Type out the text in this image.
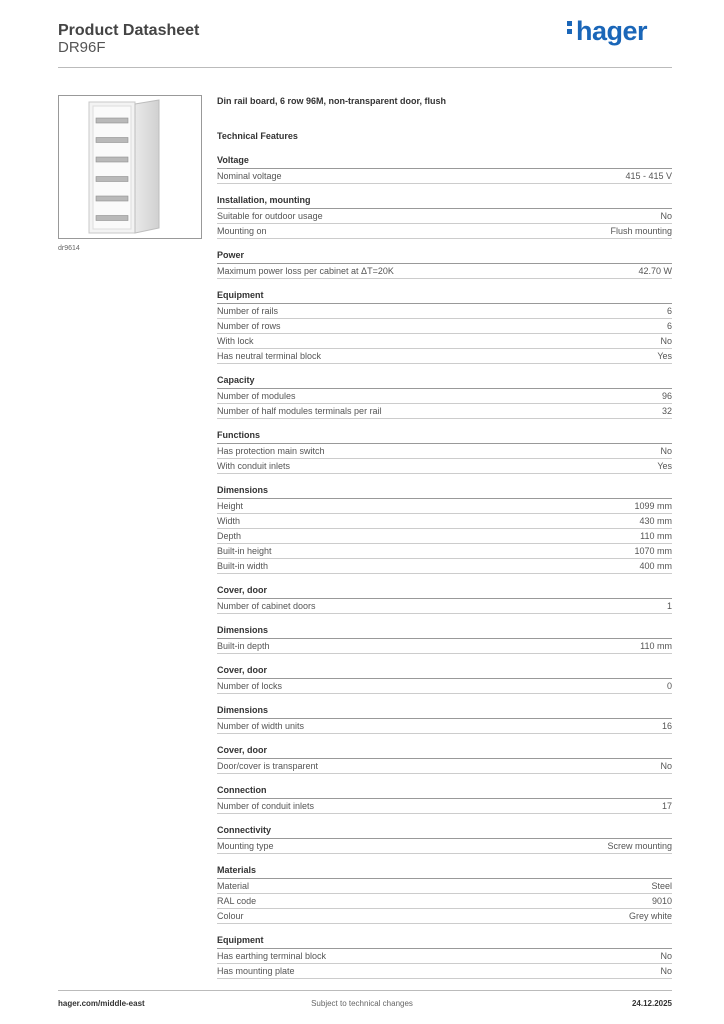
Product Datasheet
DR96F
hager
dr9614
Din rail board, 6 row 96M, non-transparent door, flush
Technical Features
Voltage
Nominal voltage	415 - 415 V
Installation, mounting
Suitable for outdoor usage	No
Mounting on	Flush mounting
Power
Maximum power loss per cabinet at ΔT=20K	42.70 W
Equipment
Number of rails	6
Number of rows	6
With lock	No
Has neutral terminal block	Yes
Capacity
Number of modules	96
Number of half modules terminals per rail	32
Functions
Has protection main switch	No
With conduit inlets	Yes
Dimensions
Height	1099 mm
Width	430 mm
Depth	110 mm
Built-in height	1070 mm
Built-in width	400 mm
Cover, door
Number of cabinet doors	1
Dimensions
Built-in depth	110 mm
Cover, door
Number of locks	0
Dimensions
Number of width units	16
Cover, door
Door/cover is transparent	No
Connection
Number of conduit inlets	17
Connectivity
Mounting type	Screw mounting
Materials
Material	Steel
RAL code	9010
Colour	Grey white
Equipment
Has earthing terminal block	No
Has mounting plate	No
hager.com/middle-east	Subject to technical changes	24.12.2025
